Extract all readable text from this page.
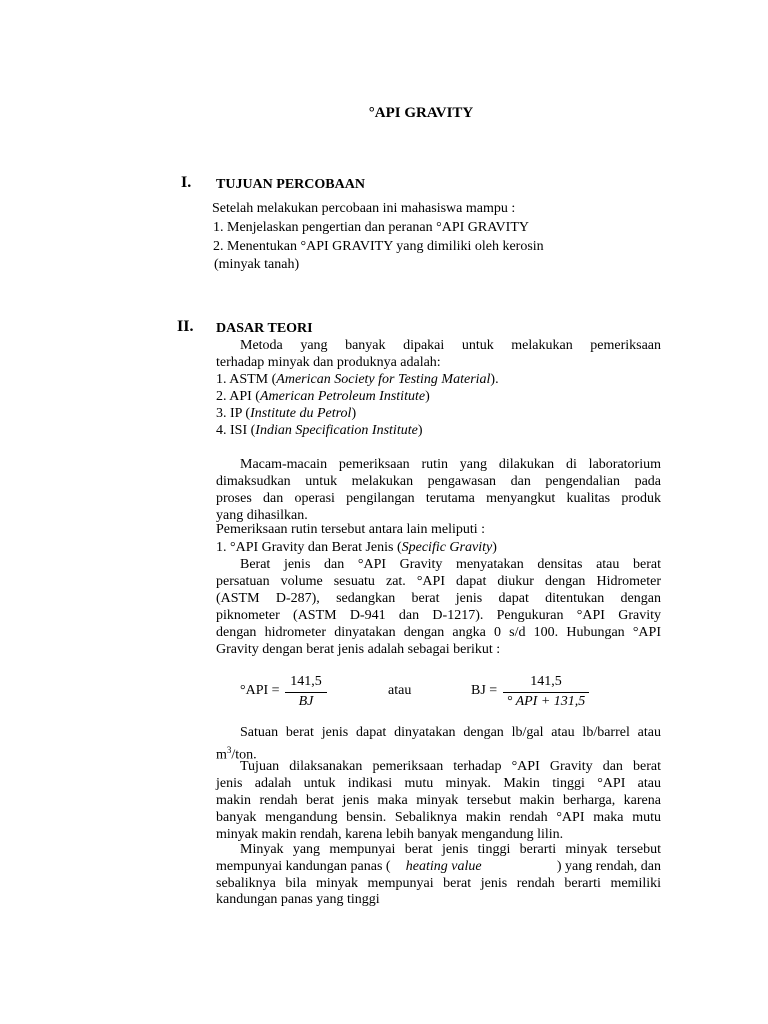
°API GRAVITY
I. TUJUAN PERCOBAAN
Setelah melakukan percobaan ini mahasiswa mampu :
1. Menjelaskan pengertian dan peranan °API GRAVITY
2. Menentukan °API GRAVITY yang dimiliki oleh kerosin
(minyak tanah)
II. DASAR TEORI
Metoda yang banyak dipakai untuk melakukan pemeriksaan
terhadap minyak dan produknya adalah:
1. ASTM (American Society for Testing Material).
2. API (American Petroleum Institute)
3. IP (Institute du Petrol)
4. ISI (Indian Specification Institute)
Macam-macain pemeriksaan rutin yang dilakukan di laboratorium
dimaksudkan untuk melakukan pengawasan dan pengendalian pada
proses dan operasi pengilangan terutama menyangkut kualitas produk
yang dihasilkan.
Pemeriksaan rutin tersebut antara lain meliputi :
1. °API Gravity dan Berat Jenis (Specific Gravity)
Berat jenis dan °API Gravity menyatakan densitas atau berat
persatuan volume sesuatu zat. °API dapat diukur dengan Hidrometer
(ASTM D-287), sedangkan berat jenis dapat ditentukan dengan
piknometer (ASTM D-941 dan D-1217). Pengukuran °API Gravity
dengan hidrometer dinyatakan dengan angka 0 s/d 100. Hubungan °API
Gravity dengan berat jenis adalah sebagai berikut :
$^\circ API = \frac{141,5}{BJ}$	atau	BJ =
141,5
° API + 131,5
Satuan berat jenis dapat dinyatakan dengan lb/gal atau lb/barrel atau
$m^3$/ton.
Tujuan dilaksanakan pemeriksaan terhadap °API Gravity dan berat
jenis adalah untuk indikasi mutu minyak. Makin tinggi °API atau
makin rendah berat jenis maka minyak tersebut makin berharga, karena
banyak mengandung bensin. Sebaliknya makin rendah °API maka mutu
minyak makin rendah, karena lebih banyak mengandung lilin.
Minyak yang mempunyai berat jenis tinggi berarti minyak tersebut
mempunyai kandungan panas ( heating value	) yang rendah, dan
sebaliknya bila minyak mempunyai berat jenis rendah berarti memiliki
kandungan panas yang tinggi
